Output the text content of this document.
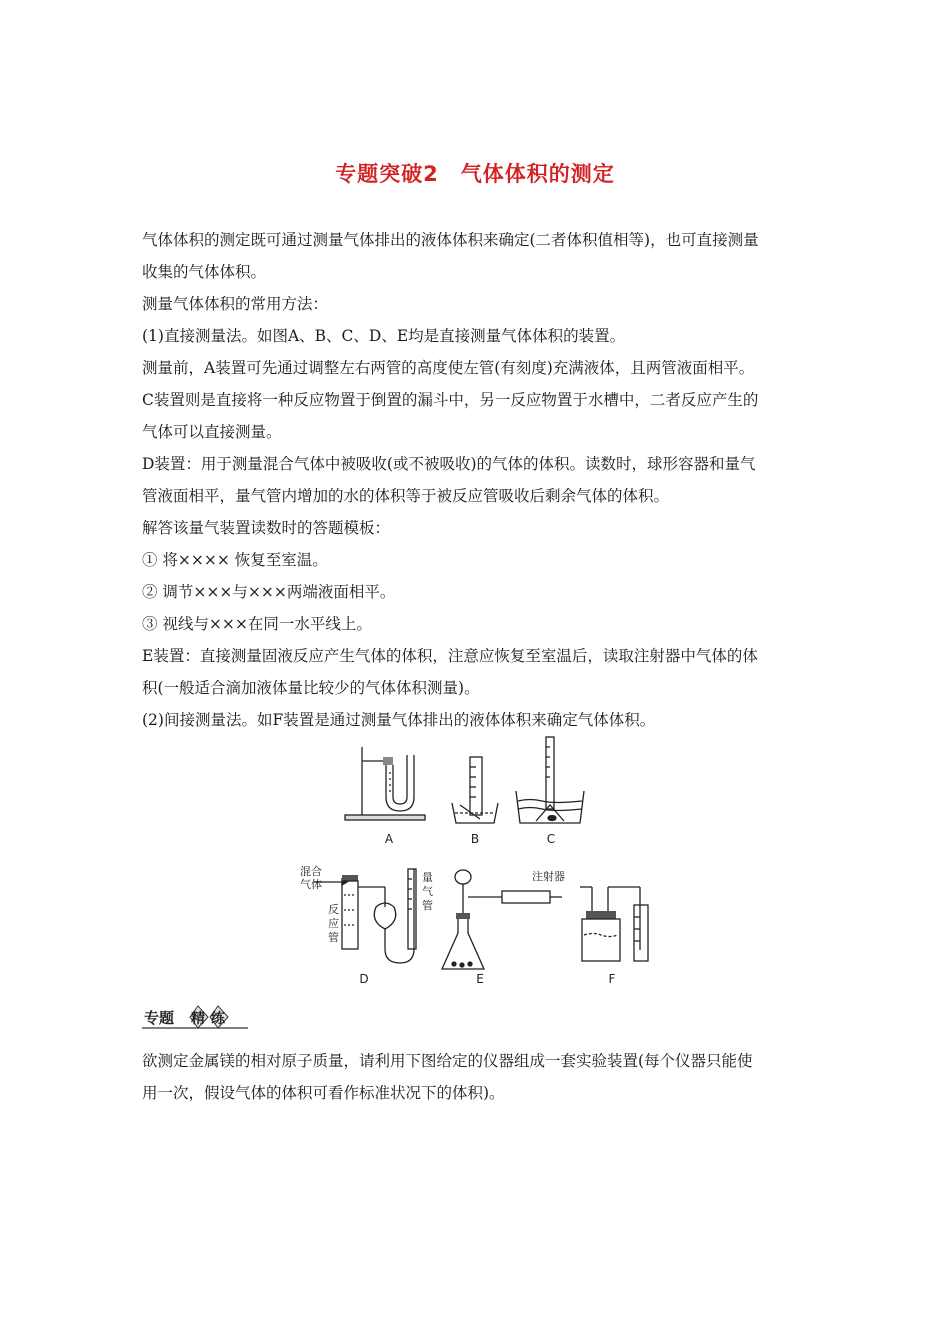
专题突破2　气体体积的测定
气体体积的测定既可通过测量气体排出的液体体积来确定(二者体积值相等)，也可直接测量
收集的气体体积。
测量气体体积的常用方法：
(1)直接测量法。如图A、B、C、D、E均是直接测量气体体积的装置。
测量前，A装置可先通过调整左右两管的高度使左管(有刻度)充满液体，且两管液面相平。
C装置则是直接将一种反应物置于倒置的漏斗中，另一反应物置于水槽中，二者反应产生的
气体可以直接测量。
D装置：用于测量混合气体中被吸收(或不被吸收)的气体的体积。读数时，球形容器和量气
管液面相平，量气管内增加的水的体积等于被反应管吸收后剩余气体的体积。
解答该量气装置读数时的答题模板：
① 将×××× 恢复至室温。
② 调节×××与×××两端液面相平。
③ 视线与×××在同一水平线上。
E装置：直接测量固液反应产生气体的体积，注意应恢复至室温后，读取注射器中气体的体
积(一般适合滴加液体量比较少的气体体积测量)。
(2)间接测量法。如F装置是通过测量气体排出的液体体积来确定气体体积。
A	B	C
混合
气体
反
应
管
量
气
管
注射器
D	E	F
专题 精 练
欲测定金属镁的相对原子质量，请利用下图给定的仪器组成一套实验装置(每个仪器只能使
用一次，假设气体的体积可看作标准状况下的体积)。
